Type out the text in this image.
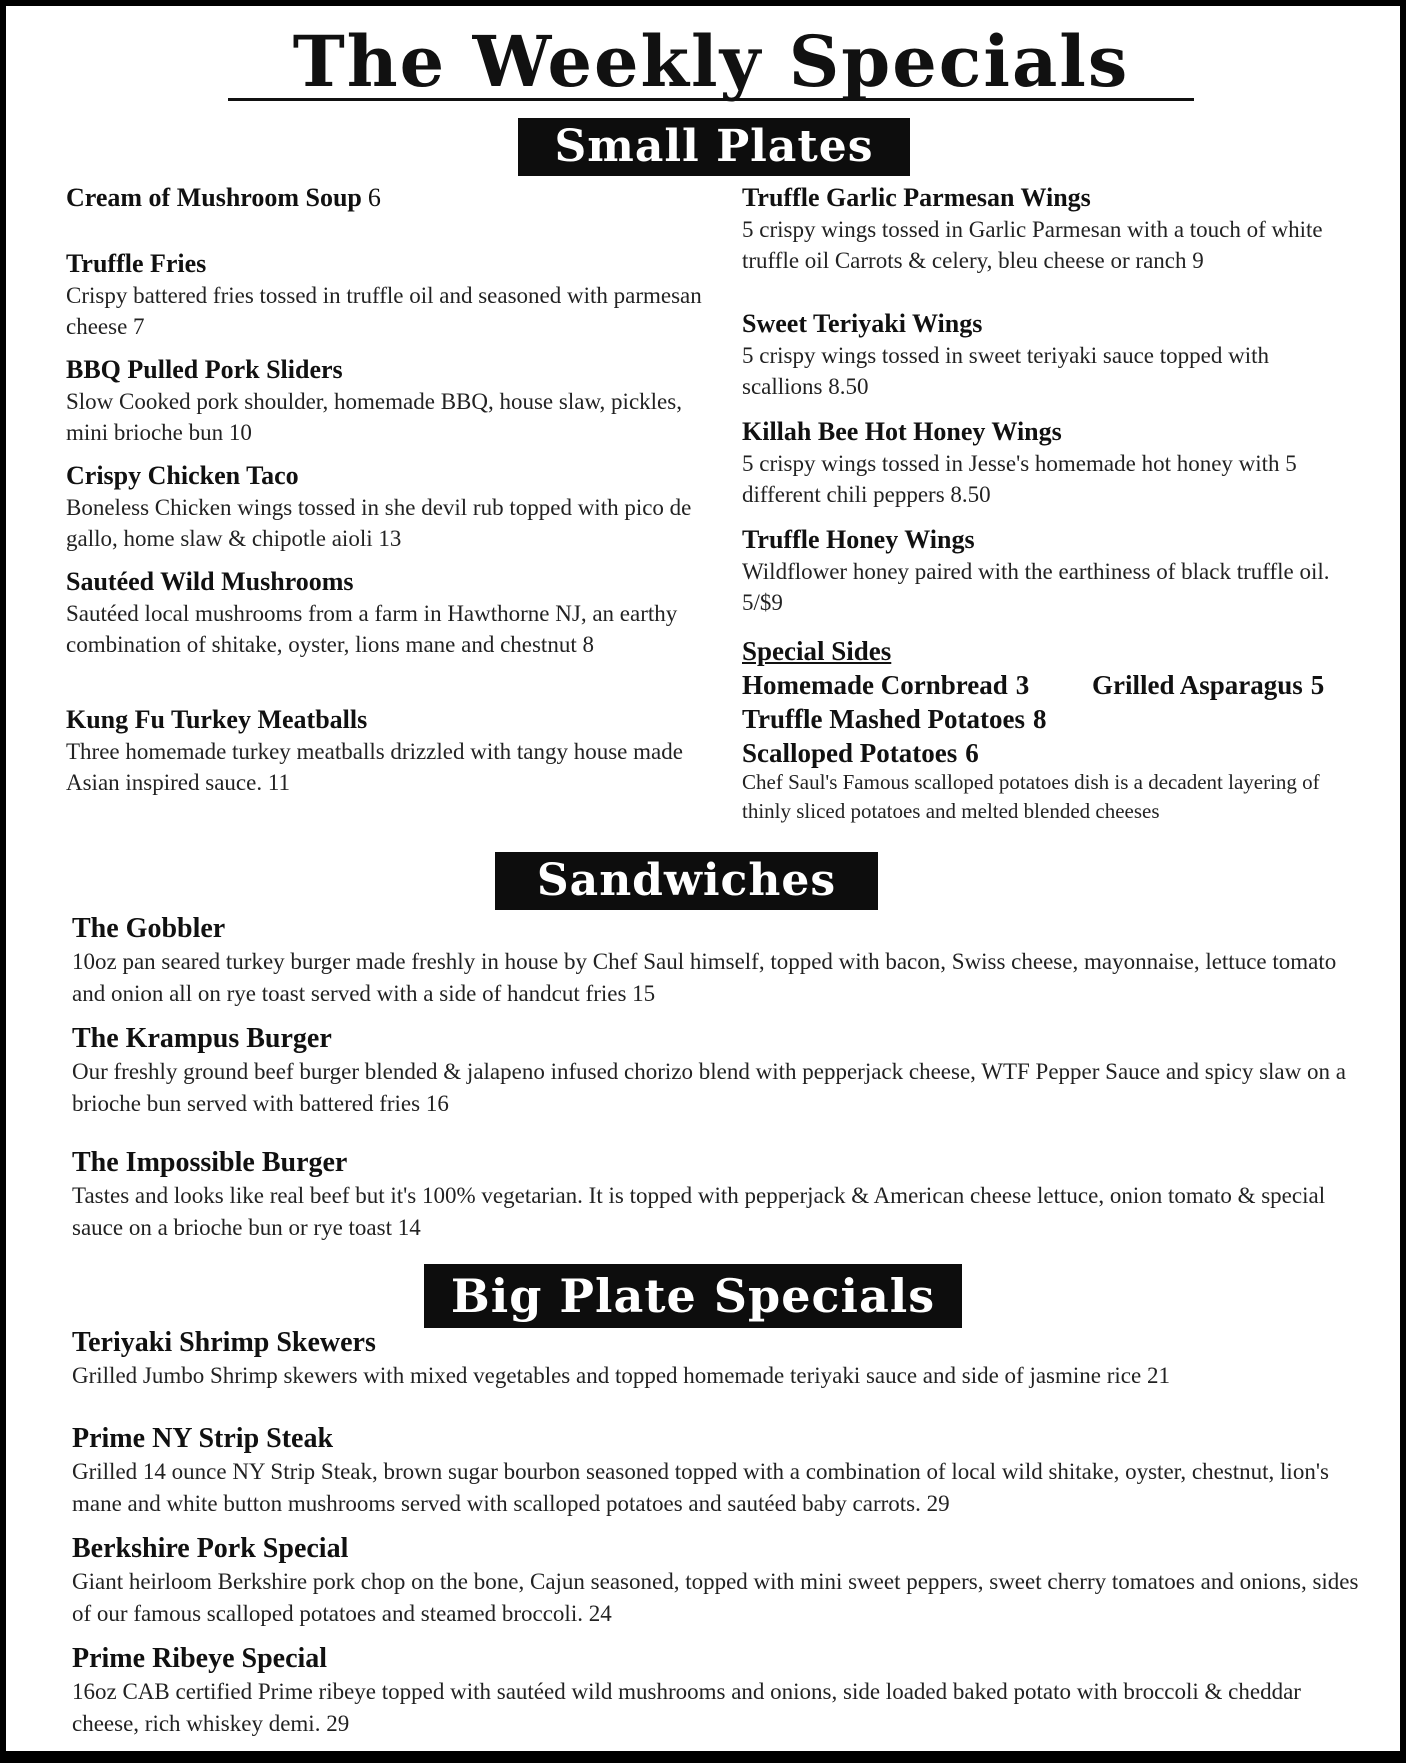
The Weekly Specials
Small Plates
Cream of Mushroom Soup 6
Truffle Fries
Crispy battered fries tossed in truffle oil and seasoned with parmesan cheese 7
BBQ Pulled Pork Sliders
Slow Cooked pork shoulder, homemade BBQ, house slaw, pickles, mini brioche bun 10
Crispy Chicken Taco
Boneless Chicken wings tossed in she devil rub topped with pico de gallo, home slaw & chipotle aioli 13
Sautéed Wild Mushrooms
Sautéed local mushrooms from a farm in Hawthorne NJ, an earthy combination of shitake, oyster, lions mane and chestnut 8
Kung Fu Turkey Meatballs
Three homemade turkey meatballs drizzled with tangy house made Asian inspired sauce. 11
Truffle Garlic Parmesan Wings
5 crispy wings tossed in Garlic Parmesan with a touch of white truffle oil Carrots & celery, bleu cheese or ranch 9
Sweet Teriyaki Wings
5 crispy wings tossed in sweet teriyaki sauce topped with scallions 8.50
Killah Bee Hot Honey Wings
5 crispy wings tossed in Jesse's homemade hot honey with 5 different chili peppers 8.50
Truffle Honey Wings
Wildflower honey paired with the earthiness of black truffle oil. 5/$9
Special Sides
Homemade Cornbread 3 Grilled Asparagus 5
Truffle Mashed Potatoes 8
Scalloped Potatoes 6
Chef Saul's Famous scalloped potatoes dish is a decadent layering of thinly sliced potatoes and melted blended cheeses
Sandwiches
The Gobbler
10oz pan seared turkey burger made freshly in house by Chef Saul himself, topped with bacon, Swiss cheese, mayonnaise, lettuce tomato and onion all on rye toast served with a side of handcut fries 15
The Krampus Burger
Our freshly ground beef burger blended & jalapeno infused chorizo blend with pepperjack cheese, WTF Pepper Sauce and spicy slaw on a brioche bun served with battered fries 16
The Impossible Burger
Tastes and looks like real beef but it's 100% vegetarian. It is topped with pepperjack & American cheese lettuce, onion tomato & special sauce on a brioche bun or rye toast 14
Big Plate Specials
Teriyaki Shrimp Skewers
Grilled Jumbo Shrimp skewers with mixed vegetables and topped homemade teriyaki sauce and side of jasmine rice 21
Prime NY Strip Steak
Grilled 14 ounce NY Strip Steak, brown sugar bourbon seasoned topped with a combination of local wild shitake, oyster, chestnut, lion's mane and white button mushrooms served with scalloped potatoes and sautéed baby carrots. 29
Berkshire Pork Special
Giant heirloom Berkshire pork chop on the bone, Cajun seasoned, topped with mini sweet peppers, sweet cherry tomatoes and onions, sides of our famous scalloped potatoes and steamed broccoli. 24
Prime Ribeye Special
16oz CAB certified Prime ribeye topped with sautéed wild mushrooms and onions, side loaded baked potato with broccoli & cheddar cheese, rich whiskey demi. 29
